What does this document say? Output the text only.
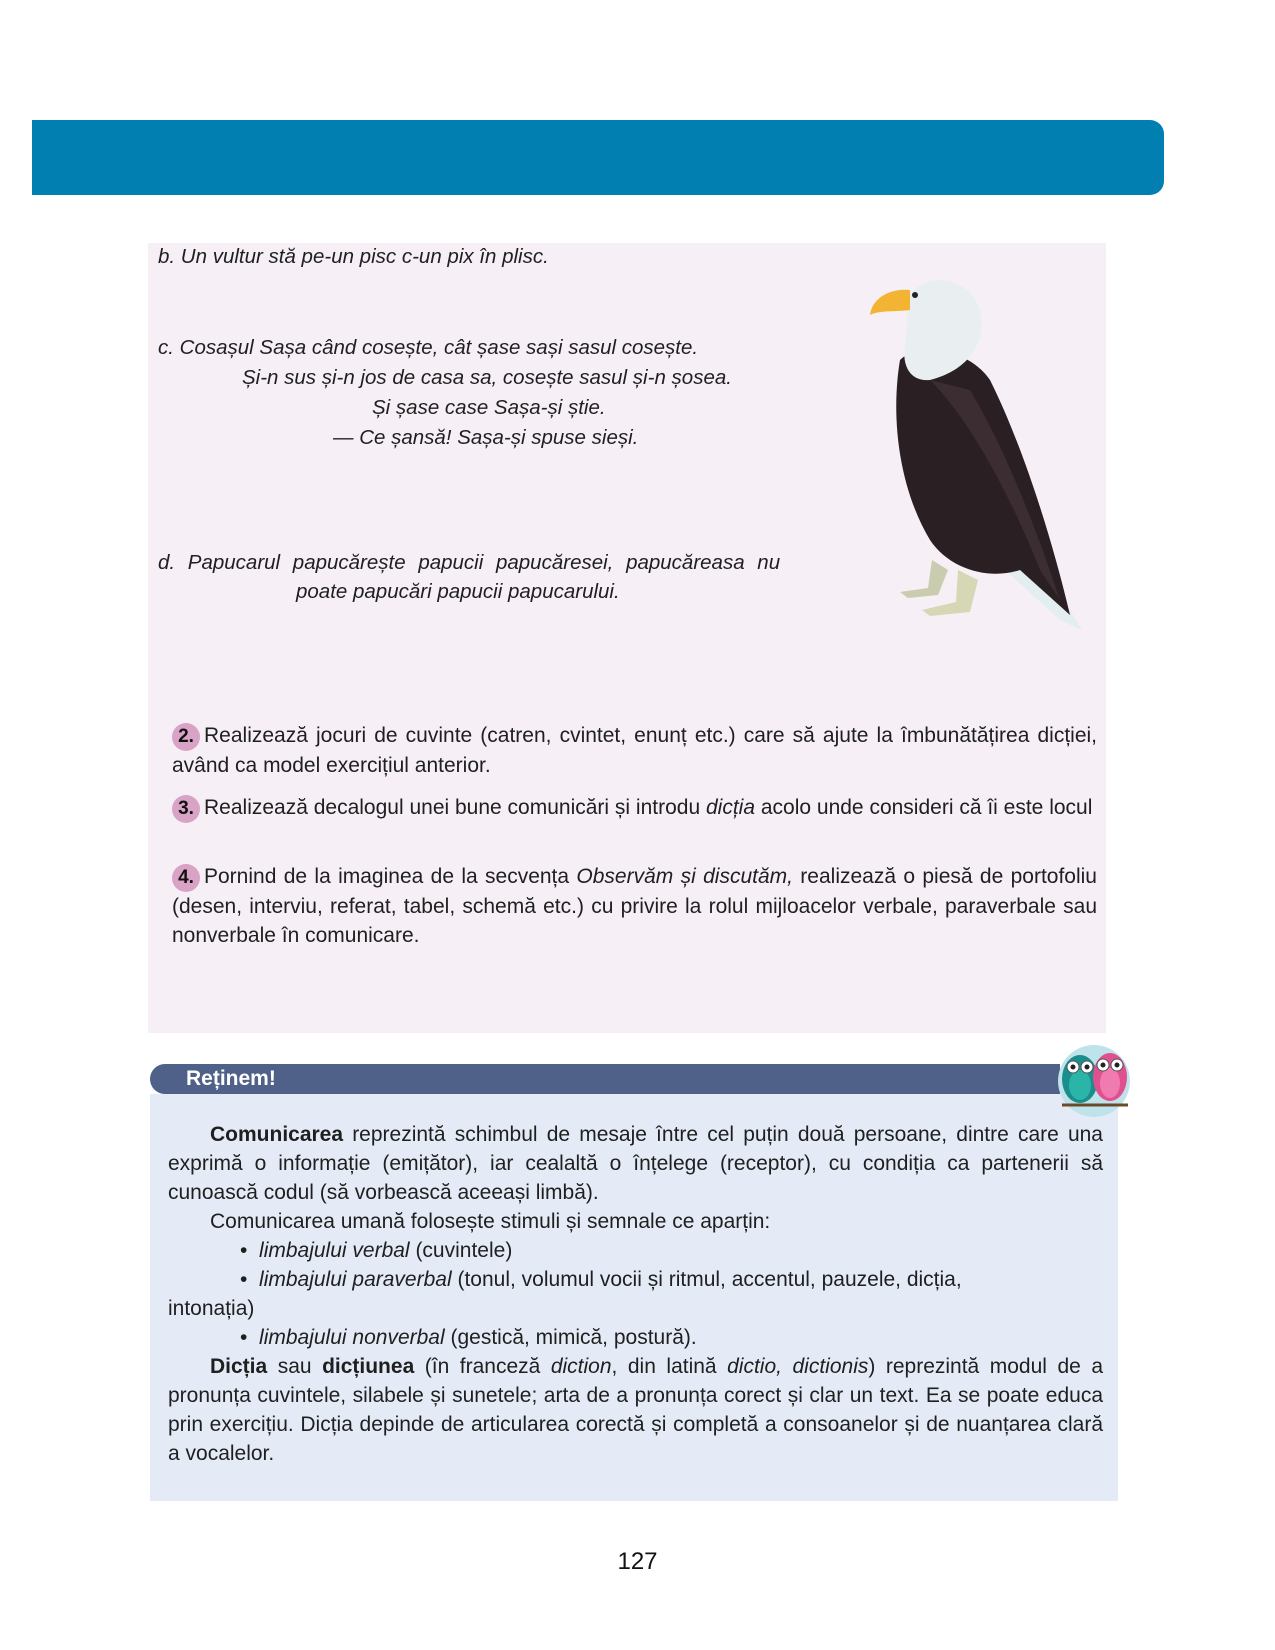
b. Un vultur stă pe-un pisc c-un pix în plisc.
c. Cosașul Sașa când cosește, cât șase sași sasul cosește.
Și-n sus și-n jos de casa sa, cosește sasul și-n șosea.
Și șase case Sașa-și știe.
— Ce șansă! Sașa-și spuse sieși.
d. Papucarul papucărește papucii papucăresei, papucăreasa nu
poate papucări papucii papucarului.
2. Realizează jocuri de cuvinte (catren, cvintet, enunț etc.) care să ajute la îmbunătățirea dicției, având ca model exercițiul anterior.
3. Realizează decalogul unei bune comunicări și introdu dicția acolo unde consideri că îi este locul
4. Pornind de la imaginea de la secvența Observăm și discutăm, realizează o piesă de portofoliu (desen, interviu, referat, tabel, schemă etc.) cu privire la rolul mijloacelor verbale, paraverbale sau nonverbale în comunicare.
Reținem!

Comunicarea reprezintă schimbul de mesaje între cel puțin două persoane, dintre care una exprimă o informație (emițător), iar cealaltă o înțelege (receptor), cu condiția ca partenerii să cunoască codul (să vorbească aceeași limbă).

Comunicarea umană folosește stimuli și semnale ce aparțin:

•  limbajului verbal (cuvintele)

•  limbajului paraverbal (tonul, volumul vocii și ritmul, accentul, pauzele, dicția,

intonația)

•  limbajului nonverbal (gestică, mimică, postură).

Dicția sau dicțiunea (în franceză diction, din latină dictio, dictionis) reprezintă modul de a pronunța cuvintele, silabele și sunetele; arta de a pronunța corect și clar un text. Ea se poate educa prin exercițiu. Dicția depinde de articularea corectă și completă a consoanelor și de nuanțarea clară a vocalelor.

127
